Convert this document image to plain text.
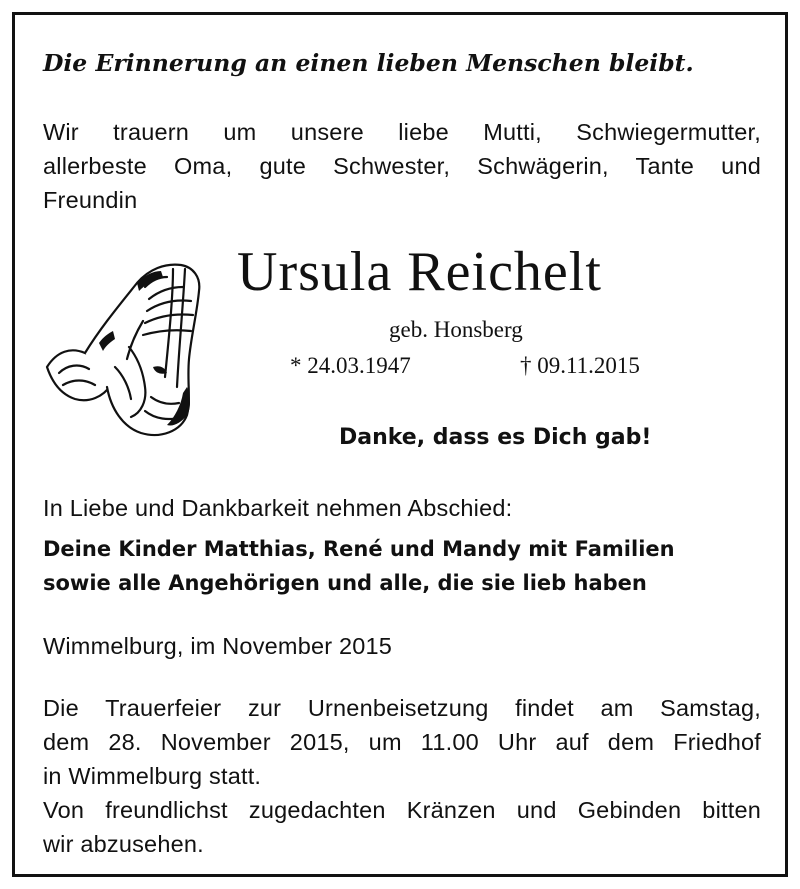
Die Erinnerung an einen lieben Menschen bleibt.

Wir trauern um unsere liebe Mutti, Schwiegermutter,

allerbeste Oma, gute Schwester, Schwägerin, Tante und

Freundin

Ursula Reichelt

geb. Honsberg

* 24.03.1947	† 09.11.2015

Danke, dass es Dich gab!

In Liebe und Dankbarkeit nehmen Abschied:

Deine Kinder Matthias, René und Mandy mit Familien

sowie alle Angehörigen und alle, die sie lieb haben

Wimmelburg, im November 2015

Die Trauerfeier zur Urnenbeisetzung findet am Samstag,

dem 28. November 2015, um 11.00 Uhr auf dem Friedhof

in Wimmelburg statt.

Von freundlichst zugedachten Kränzen und Gebinden bitten

wir abzusehen.
